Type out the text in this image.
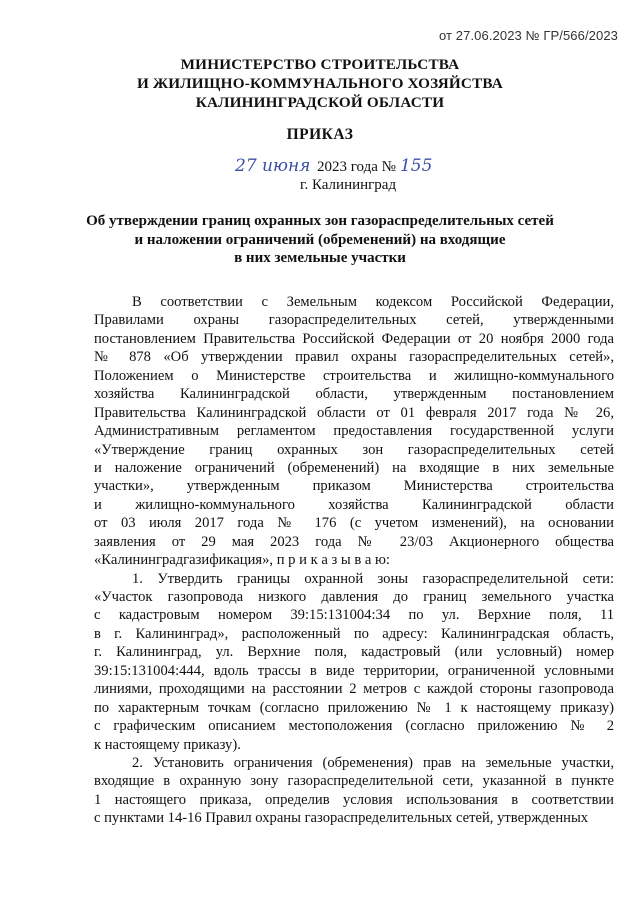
от 27.06.2023 № ГР/566/2023
МИНИСТЕРСТВО СТРОИТЕЛЬСТВА
И ЖИЛИЩНО-КОММУНАЛЬНОГО ХОЗЯЙСТВА
КАЛИНИНГРАДСКОЙ ОБЛАСТИ
ПРИКАЗ
27 июня 2023 года № 155
г. Калининград
Об утверждении границ охранных зон газораспределительных сетей
и наложении ограничений (обременений) на входящие
в них земельные участки
В соответствии с Земельным кодексом Российской Федерации,
Правилами охраны газораспределительных сетей, утвержденными
постановлением Правительства Российской Федерации от 20 ноября 2000 года
№ 878 «Об утверждении правил охраны газораспределительных сетей»,
Положением о Министерстве строительства и жилищно-коммунального
хозяйства Калининградской области, утвержденным постановлением
Правительства Калининградской области от 01 февраля 2017 года № 26,
Административным регламентом предоставления государственной услуги
«Утверждение границ охранных зон газораспределительных сетей
и наложение ограничений (обременений) на входящие в них земельные
участки», утвержденным приказом Министерства строительства
и жилищно-коммунального хозяйства Калининградской области
от 03 июля 2017 года № 176 (с учетом изменений), на основании
заявления от 29 мая 2023 года № 23/03 Акционерного общества
«Калининградгазификация», п р и к а з ы в а ю:
1. Утвердить границы охранной зоны газораспределительной сети:
«Участок газопровода низкого давления до границ земельного участка
с кадастровым номером 39:15:131004:34 по ул. Верхние поля, 11
в г. Калининград», расположенный по адресу: Калининградская область,
г. Калининград, ул. Верхние поля, кадастровый (или условный) номер
39:15:131004:444, вдоль трассы в виде территории, ограниченной условными
линиями, проходящими на расстоянии 2 метров с каждой стороны газопровода
по характерным точкам (согласно приложению № 1 к настоящему приказу)
с графическим описанием местоположения (согласно приложению № 2
к настоящему приказу).
2. Установить ограничения (обременения) прав на земельные участки,
входящие в охранную зону газораспределительной сети, указанной в пункте
1 настоящего приказа, определив условия использования в соответствии
с пунктами 14-16 Правил охраны газораспределительных сетей, утвержденных
